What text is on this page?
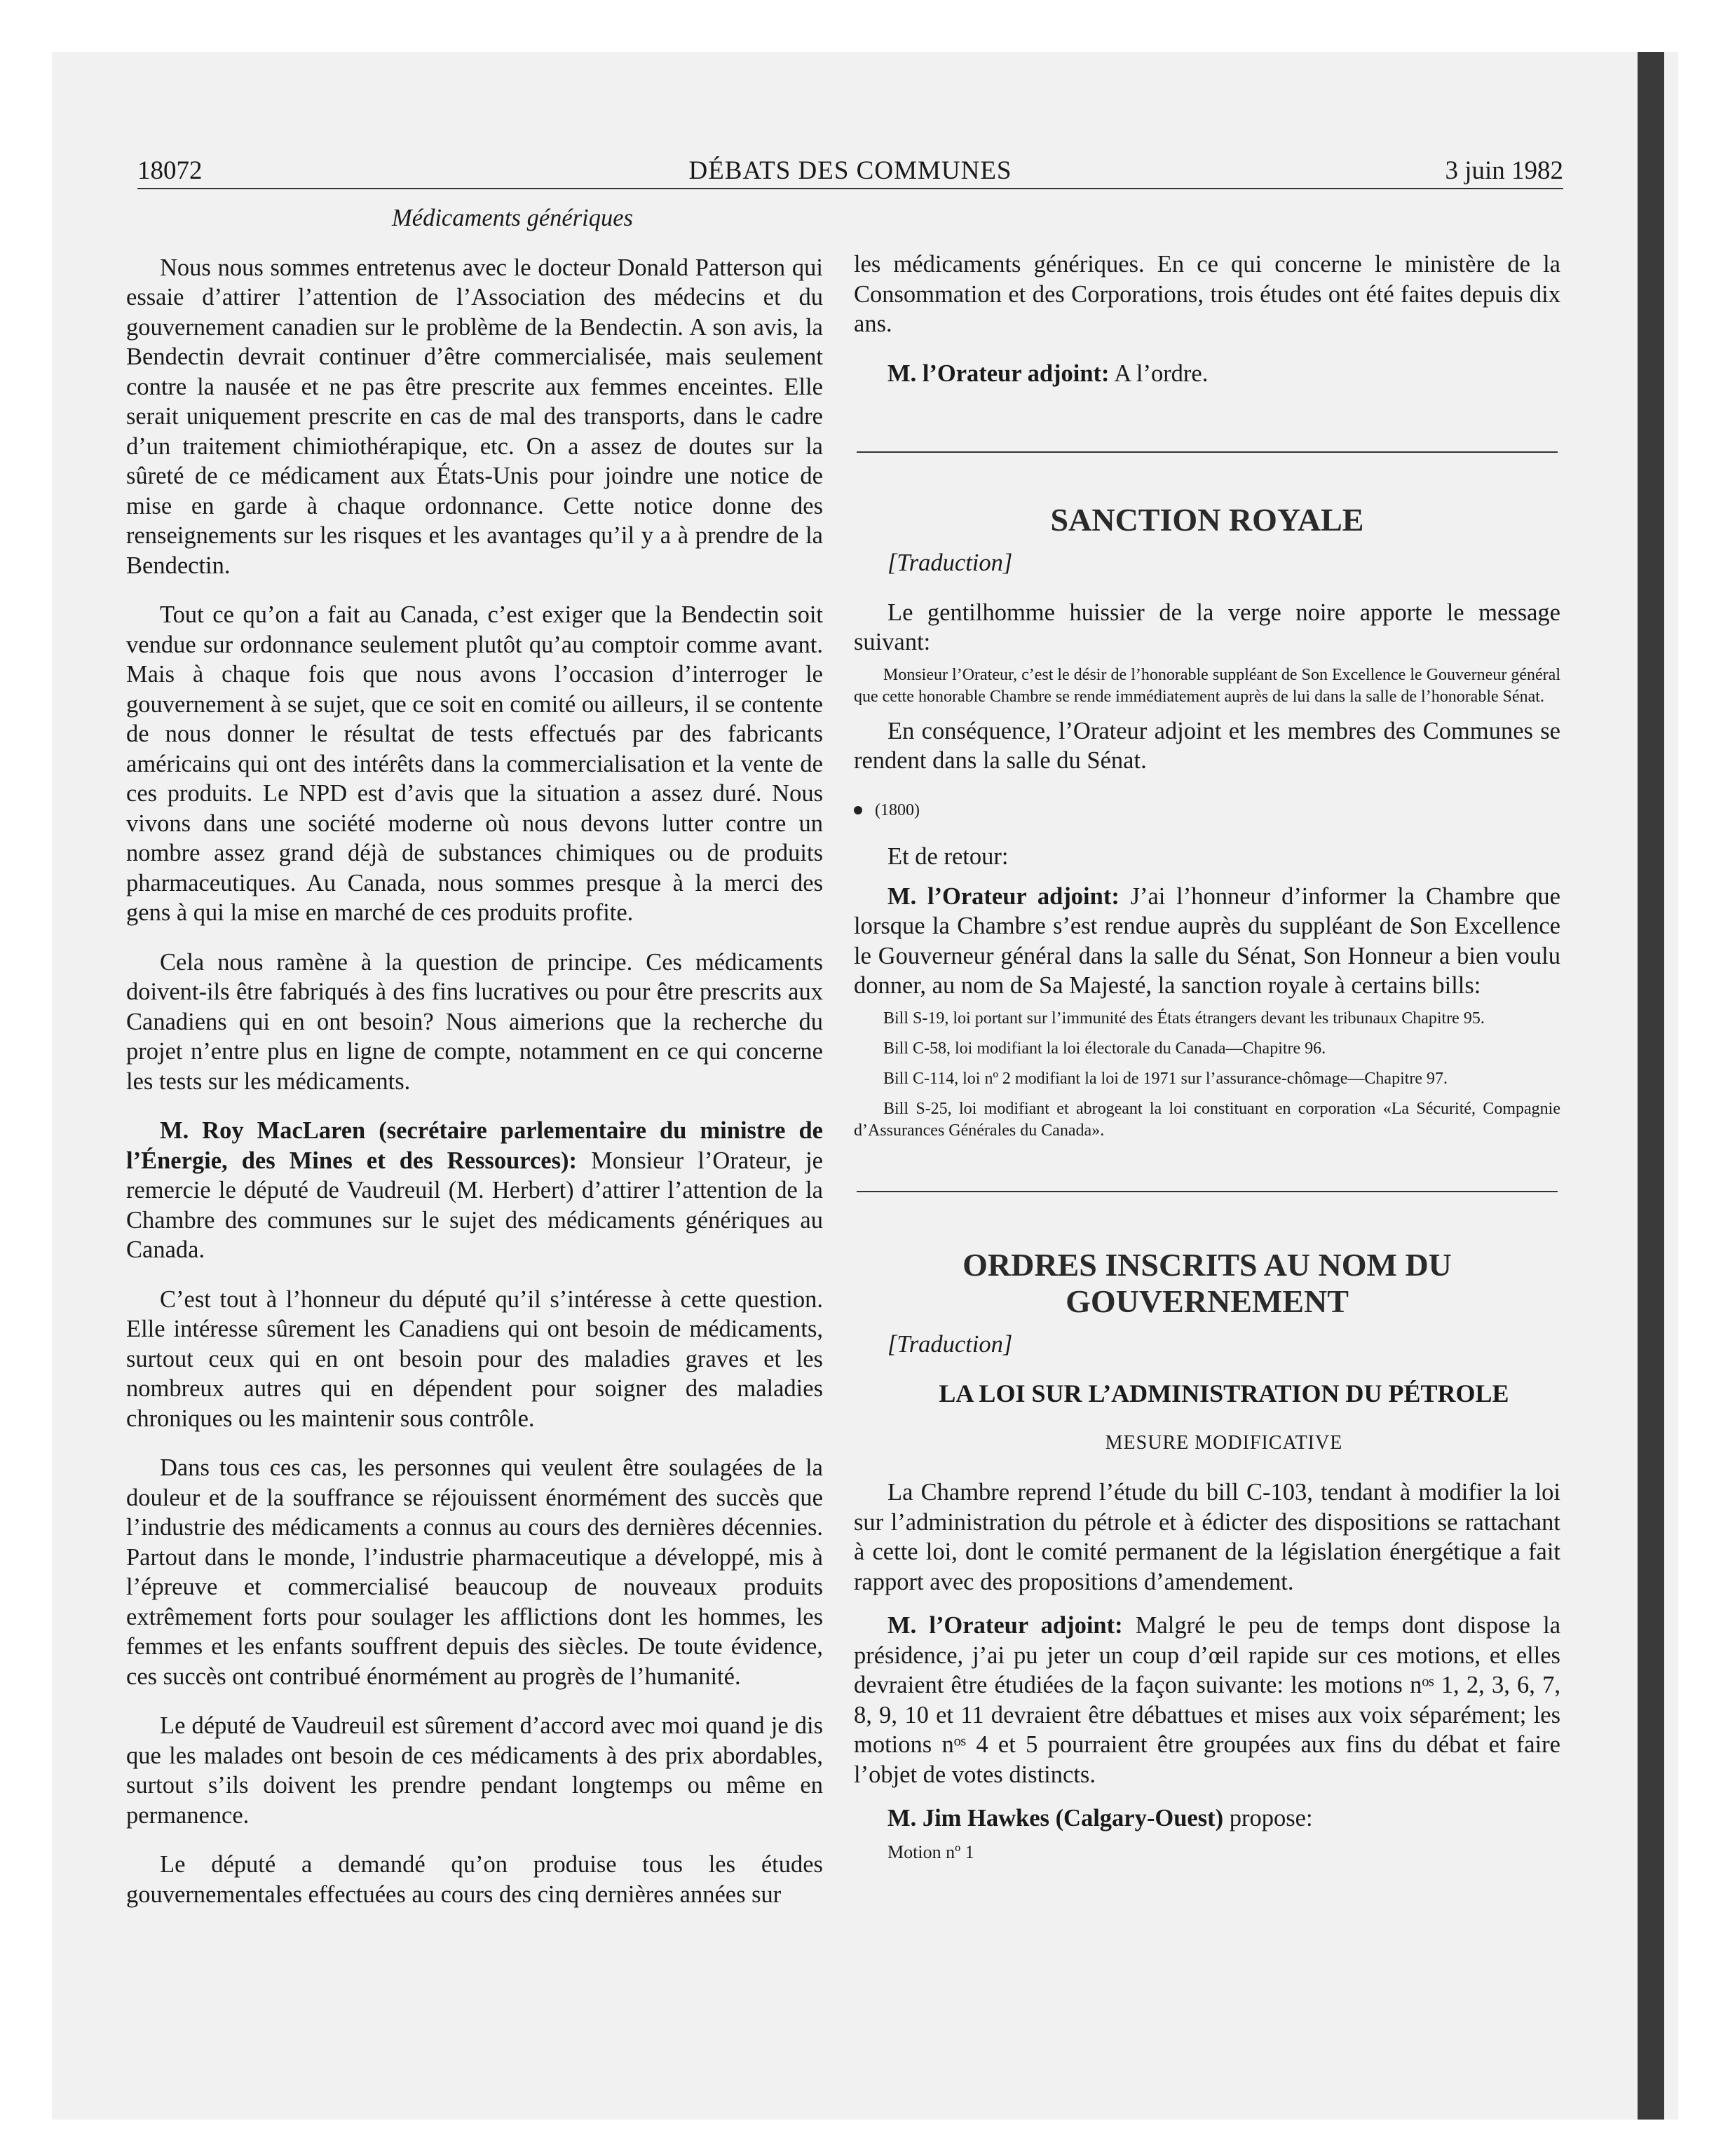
18072	DÉBATS DES COMMUNES	3 juin 1982

Médicaments génériques

Nous nous sommes entretenus avec le docteur Donald Patterson qui essaie d’attirer l’attention de l’Association des médecins et du gouvernement canadien sur le problème de la Bendectin. A son avis, la Bendectin devrait continuer d’être commercialisée, mais seulement contre la nausée et ne pas être prescrite aux femmes enceintes. Elle serait uniquement prescrite en cas de mal des transports, dans le cadre d’un traitement chimiothérapique, etc. On a assez de doutes sur la sûreté de ce médicament aux États-Unis pour joindre une notice de mise en garde à chaque ordonnance. Cette notice donne des renseignements sur les risques et les avantages qu’il y a à prendre de la Bendectin.

Tout ce qu’on a fait au Canada, c’est exiger que la Bendectin soit vendue sur ordonnance seulement plutôt qu’au comptoir comme avant. Mais à chaque fois que nous avons l’occasion d’interroger le gouvernement à se sujet, que ce soit en comité ou ailleurs, il se contente de nous donner le résultat de tests effectués par des fabricants américains qui ont des intérêts dans la commercialisation et la vente de ces produits. Le NPD est d’avis que la situation a assez duré. Nous vivons dans une société moderne où nous devons lutter contre un nombre assez grand déjà de substances chimiques ou de produits pharmaceutiques. Au Canada, nous sommes presque à la merci des gens à qui la mise en marché de ces produits profite.

Cela nous ramène à la question de principe. Ces médicaments doivent-ils être fabriqués à des fins lucratives ou pour être prescrits aux Canadiens qui en ont besoin? Nous aimerions que la recherche du projet n’entre plus en ligne de compte, notamment en ce qui concerne les tests sur les médicaments.

M. Roy MacLaren (secrétaire parlementaire du ministre de l’Énergie, des Mines et des Ressources): Monsieur l’Orateur, je remercie le député de Vaudreuil (M. Herbert) d’attirer l’attention de la Chambre des communes sur le sujet des médicaments génériques au Canada.

C’est tout à l’honneur du député qu’il s’intéresse à cette question. Elle intéresse sûrement les Canadiens qui ont besoin de médicaments, surtout ceux qui en ont besoin pour des maladies graves et les nombreux autres qui en dépendent pour soigner des maladies chroniques ou les maintenir sous contrôle.

Dans tous ces cas, les personnes qui veulent être soulagées de la douleur et de la souffrance se réjouissent énormément des succès que l’industrie des médicaments a connus au cours des dernières décennies. Partout dans le monde, l’industrie pharmaceutique a développé, mis à l’épreuve et commercialisé beaucoup de nouveaux produits extrêmement forts pour soulager les afflictions dont les hommes, les femmes et les enfants souffrent depuis des siècles. De toute évidence, ces succès ont contribué énormément au progrès de l’humanité.

Le député de Vaudreuil est sûrement d’accord avec moi quand je dis que les malades ont besoin de ces médicaments à des prix abordables, surtout s’ils doivent les prendre pendant longtemps ou même en permanence.

Le député a demandé qu’on produise tous les études gouvernementales effectuées au cours des cinq dernières années sur

les médicaments génériques. En ce qui concerne le ministère de la Consommation et des Corporations, trois études ont été faites depuis dix ans.

M. l’Orateur adjoint: A l’ordre.

SANCTION ROYALE

[Traduction]

Le gentilhomme huissier de la verge noire apporte le message suivant:

Monsieur l’Orateur, c’est le désir de l’honorable suppléant de Son Excellence le Gouverneur général que cette honorable Chambre se rende immédiatement auprès de lui dans la salle de l’honorable Sénat.

En conséquence, l’Orateur adjoint et les membres des Communes se rendent dans la salle du Sénat.

(1800)

Et de retour:

M. l’Orateur adjoint: J’ai l’honneur d’informer la Chambre que lorsque la Chambre s’est rendue auprès du suppléant de Son Excellence le Gouverneur général dans la salle du Sénat, Son Honneur a bien voulu donner, au nom de Sa Majesté, la sanction royale à certains bills:

Bill S-19, loi portant sur l’immunité des États étrangers devant les tribunaux Chapitre 95.

Bill C-58, loi modifiant la loi électorale du Canada—Chapitre 96.

Bill C-114, loi nº 2 modifiant la loi de 1971 sur l’assurance-chômage—Chapitre 97.

Bill S-25, loi modifiant et abrogeant la loi constituant en corporation «La Sécurité, Compagnie d’Assurances Générales du Canada».

ORDRES INSCRITS AU NOM DU GOUVERNEMENT

[Traduction]

LA LOI SUR L’ADMINISTRATION DU PÉTROLE

MESURE MODIFICATIVE

La Chambre reprend l’étude du bill C-103, tendant à modifier la loi sur l’administration du pétrole et à édicter des dispositions se rattachant à cette loi, dont le comité permanent de la législation énergétique a fait rapport avec des propositions d’amendement.

M. l’Orateur adjoint: Malgré le peu de temps dont dispose la présidence, j’ai pu jeter un coup d’œil rapide sur ces motions, et elles devraient être étudiées de la façon suivante: les motions nᵒˢ 1, 2, 3, 6, 7, 8, 9, 10 et 11 devraient être débattues et mises aux voix séparément; les motions nᵒˢ 4 et 5 pourraient être groupées aux fins du débat et faire l’objet de votes distincts.

M. Jim Hawkes (Calgary-Ouest) propose:

Motion nº 1
